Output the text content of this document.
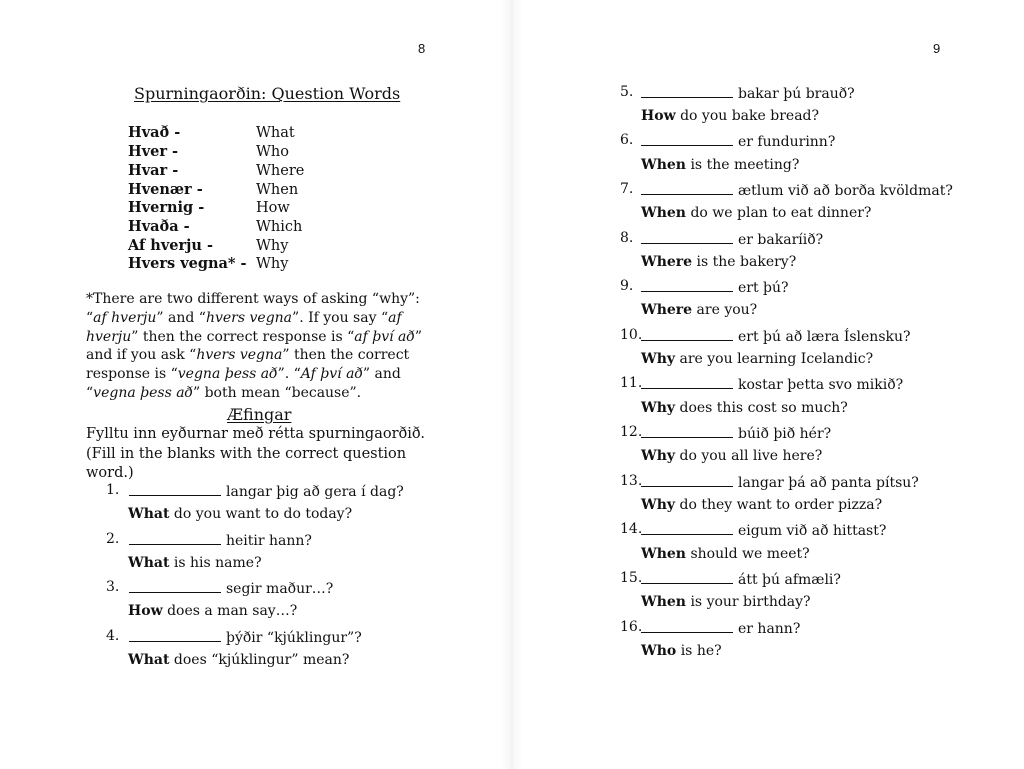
8
Spurningaorðin: Question Words
Hvað -	What
Hver -	Who
Hvar -	Where
Hvenær -	When
Hvernig -	How
Hvaða -	Which
Af hverju -	Why
Hvers vegna* - Why
*There are two different ways of asking “why”: “af hverju” and “hvers vegna”. If you say “af hverju” then the correct response is “af því að” and if you ask “hvers vegna” then the correct response is “vegna þess að”. “Af því að” and “vegna þess að” both mean “because”.
Æfingar
Fylltu inn eyðurnar með rétta spurningaorðið. (Fill in the blanks with the correct question word.)
1.	langar þig að gera í dag?
What do you want to do today?
2.	heitir hann?
What is his name?
3.	segir maður…?
How does a man say…?
4.	þýðir “kjúklingur”?
What does “kjúklingur” mean?
9
5.	bakar þú brauð?
How do you bake bread?
6.	er fundurinn?
When is the meeting?
7.	ætlum við að borða kvöldmat?
When do we plan to eat dinner?
8.	er bakaríið?
Where is the bakery?
9.	ert þú?
Where are you?
10.	ert þú að læra Íslensku?
Why are you learning Icelandic?
11.	kostar þetta svo mikið?
Why does this cost so much?
12.	búið þið hér?
Why do you all live here?
13.	langar þá að panta pítsu?
Why do they want to order pizza?
14.	eigum við að hittast?
When should we meet?
15.	átt þú afmæli?
When is your birthday?
16.	er hann?
Who is he?
